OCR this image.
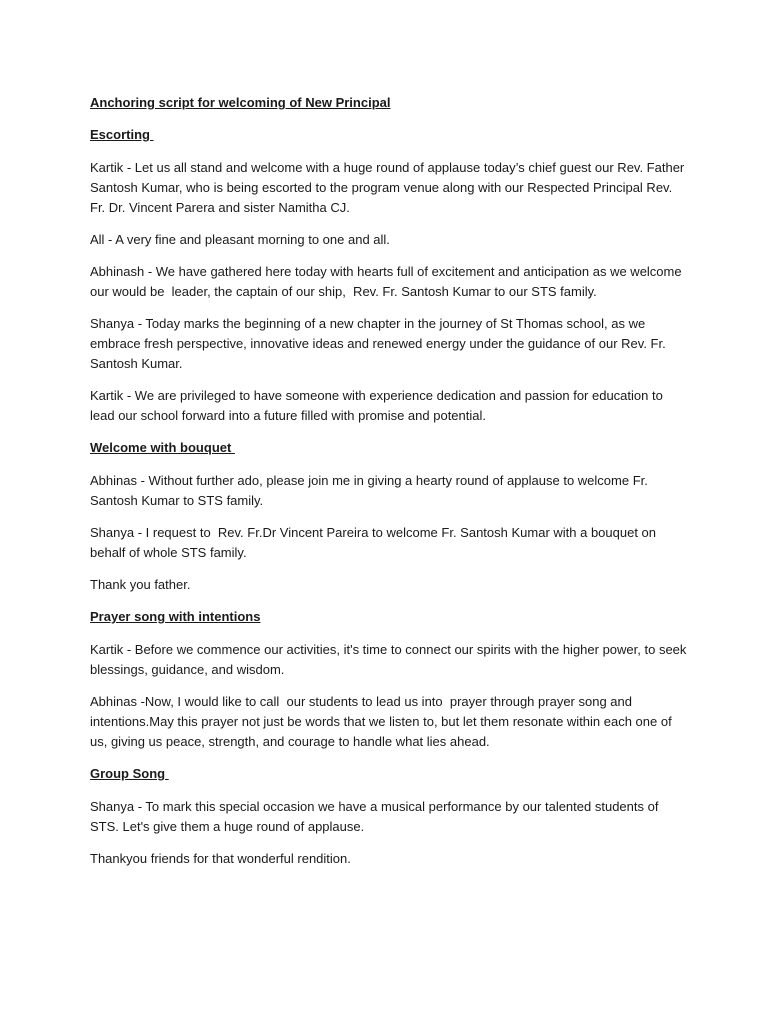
Anchoring script for welcoming of New Principal
Escorting
Kartik - Let us all stand and welcome with a huge round of applause today’s chief guest our Rev. Father Santosh Kumar, who is being escorted to the program venue along with our Respected Principal Rev. Fr. Dr. Vincent Parera and sister Namitha CJ.
All - A very fine and pleasant morning to one and all.
Abhinash - We have gathered here today with hearts full of excitement and anticipation as we welcome our would be  leader, the captain of our ship,  Rev. Fr. Santosh Kumar to our STS family.
Shanya - Today marks the beginning of a new chapter in the journey of St Thomas school, as we embrace fresh perspective, innovative ideas and renewed energy under the guidance of our Rev. Fr. Santosh Kumar.
Kartik - We are privileged to have someone with experience dedication and passion for education to lead our school forward into a future filled with promise and potential.
Welcome with bouquet
Abhinas - Without further ado, please join me in giving a hearty round of applause to welcome Fr. Santosh Kumar to STS family.
Shanya - I request to  Rev. Fr.Dr Vincent Pareira to welcome Fr. Santosh Kumar with a bouquet on behalf of whole STS family.
Thank you father.
Prayer song with intentions
Kartik - Before we commence our activities, it's time to connect our spirits with the higher power, to seek blessings, guidance, and wisdom.
Abhinas -Now, I would like to call  our students to lead us into  prayer through prayer song and intentions.May this prayer not just be words that we listen to, but let them resonate within each one of us, giving us peace, strength, and courage to handle what lies ahead.
Group Song
Shanya - To mark this special occasion we have a musical performance by our talented students of STS. Let's give them a huge round of applause.
Thankyou friends for that wonderful rendition.
